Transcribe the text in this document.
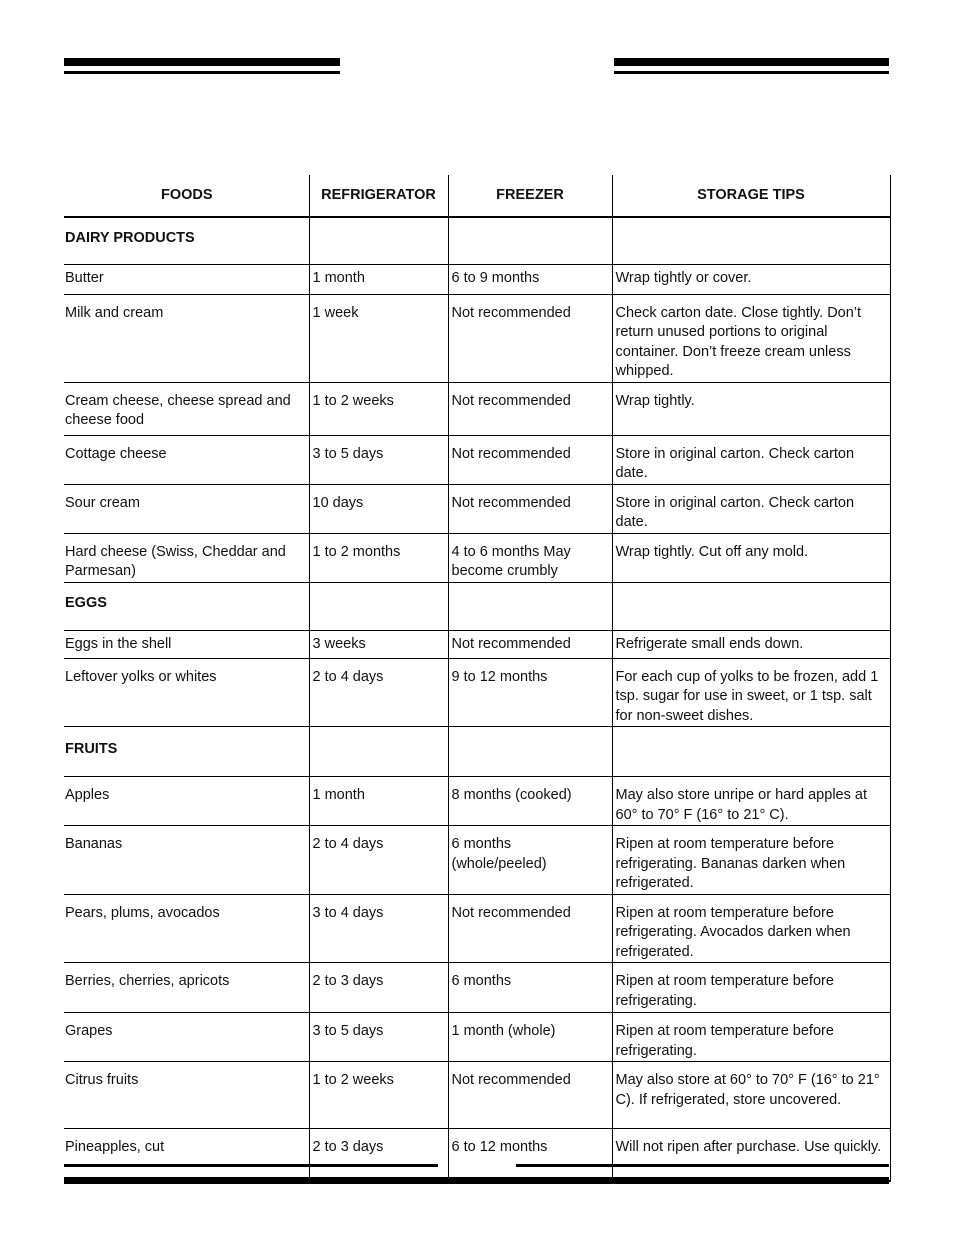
FOODS	REFRIGERATOR	FREEZER	STORAGE TIPS
DAIRY PRODUCTS			
Butter	1 month	6 to 9 months	Wrap tightly or cover.
Milk and cream	1 week	Not recommended	Check carton date. Close tightly. Don’t return unused portions to original container. Don’t freeze cream unless whipped.
Cream cheese, cheese spread and cheese food	1 to 2 weeks	Not recommended	Wrap tightly.
Cottage cheese	3 to 5 days	Not recommended	Store in original carton. Check carton date.
Sour cream	10 days	Not recommended	Store in original carton. Check carton date.
Hard cheese (Swiss, Cheddar and Parmesan)	1 to 2 months	4 to 6 months May become crumbly	Wrap tightly. Cut off any mold.
EGGS			
Eggs in the shell	3 weeks	Not recommended	Refrigerate small ends down.
Leftover yolks or whites	2 to 4 days	9 to 12 months	For each cup of yolks to be frozen, add 1 tsp. sugar for use in sweet, or 1 tsp. salt for non-sweet dishes.
FRUITS			
Apples	1 month	8 months (cooked)	May also store unripe or hard apples at 60° to 70° F (16° to 21° C).
Bananas	2 to 4 days	6 months (whole/peeled)	Ripen at room temperature before refrigerating. Bananas darken when refrigerated.
Pears, plums, avocados	3 to 4 days	Not recommended	Ripen at room temperature before refrigerating. Avocados darken when refrigerated.
Berries, cherries, apricots	2 to 3 days	6 months	Ripen at room temperature before refrigerating.
Grapes	3 to 5 days	1 month (whole)	Ripen at room temperature before refrigerating.
Citrus fruits	1 to 2 weeks	Not recommended	May also store at 60° to 70° F (16° to 21° C). If refrigerated, store uncovered.
Pineapples, cut	2 to 3 days	6 to 12 months	Will not ripen after purchase. Use quickly.
